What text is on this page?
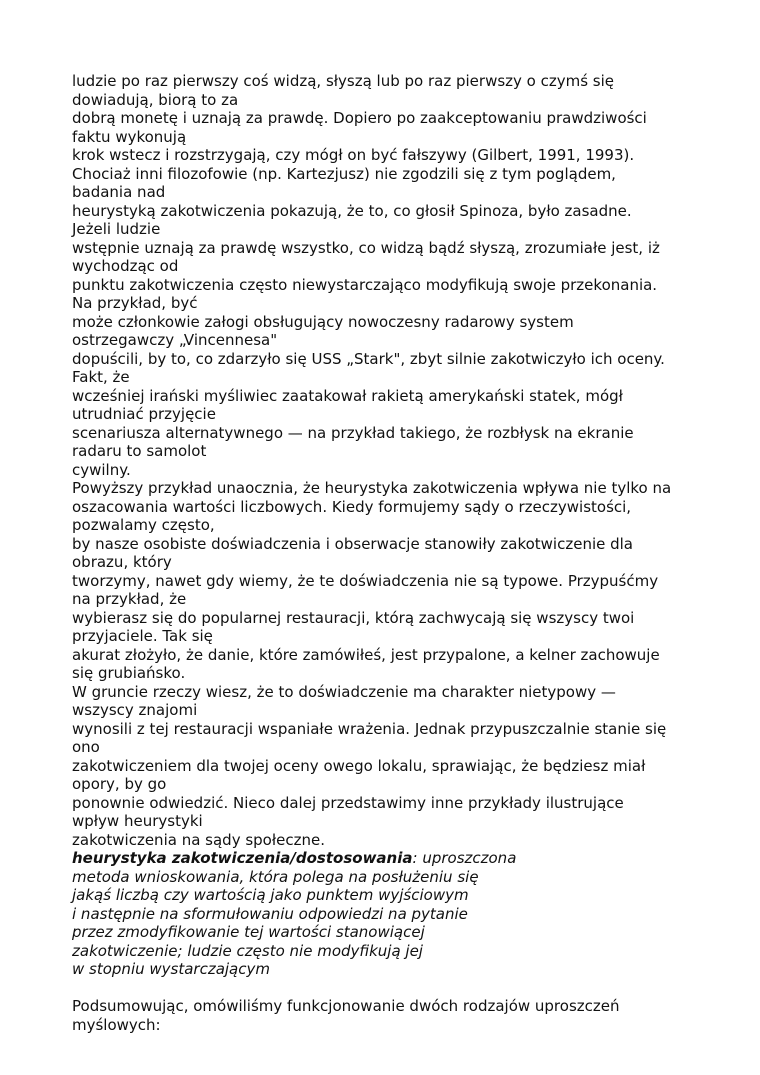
ludzie po raz pierwszy coś widzą, słyszą lub po raz pierwszy o czymś się
dowiadują, biorą to za
dobrą monetę i uznają za prawdę. Dopiero po zaakceptowaniu prawdziwości
faktu wykonują
krok wstecz i rozstrzygają, czy mógł on być fałszywy (Gilbert, 1991, 1993).
Chociaż inni filozofowie (np. Kartezjusz) nie zgodzili się z tym poglądem,
badania nad
heurystyką zakotwiczenia pokazują, że to, co głosił Spinoza, było zasadne.
Jeżeli ludzie
wstępnie uznają za prawdę wszystko, co widzą bądź słyszą, zrozumiałe jest, iż
wychodząc od
punktu zakotwiczenia często niewystarczająco modyfikują swoje przekonania.
Na przykład, być
może członkowie załogi obsługujący nowoczesny radarowy system
ostrzegawczy „Vincennesa"
dopuścili, by to, co zdarzyło się USS „Stark", zbyt silnie zakotwiczyło ich oceny.
Fakt, że
wcześniej irański myśliwiec zaatakował rakietą amerykański statek, mógł
utrudniać przyjęcie
scenariusza alternatywnego — na przykład takiego, że rozbłysk na ekranie
radaru to samolot
cywilny.
Powyższy przykład unaocznia, że heurystyka zakotwiczenia wpływa nie tylko na
oszacowania wartości liczbowych. Kiedy formujemy sądy o rzeczywistości,
pozwalamy często,
by nasze osobiste doświadczenia i obserwacje stanowiły zakotwiczenie dla
obrazu, który
tworzymy, nawet gdy wiemy, że te doświadczenia nie są typowe. Przypuśćmy
na przykład, że
wybierasz się do popularnej restauracji, którą zachwycają się wszyscy twoi
przyjaciele. Tak się
akurat złożyło, że danie, które zamówiłeś, jest przypalone, a kelner zachowuje
się grubiańsko.
W gruncie rzeczy wiesz, że to doświadczenie ma charakter nietypowy —
wszyscy znajomi
wynosili z tej restauracji wspaniałe wrażenia. Jednak przypuszczalnie stanie się
ono
zakotwiczeniem dla twojej oceny owego lokalu, sprawiając, że będziesz miał
opory, by go
ponownie odwiedzić. Nieco dalej przedstawimy inne przykłady ilustrujące
wpływ heurystyki
zakotwiczenia na sądy społeczne.
heurystyka zakotwiczenia/dostosowania: uproszczona
metoda wnioskowania, która polega na posłużeniu się
jakąś liczbą czy wartością jako punktem wyjściowym
i następnie na sformułowaniu odpowiedzi na pytanie
przez zmodyfikowanie tej wartości stanowiącej
zakotwiczenie; ludzie często nie modyfikują jej
w stopniu wystarczającym
Podsumowując, omówiliśmy funkcjonowanie dwóch rodzajów uproszczeń
myślowych:
